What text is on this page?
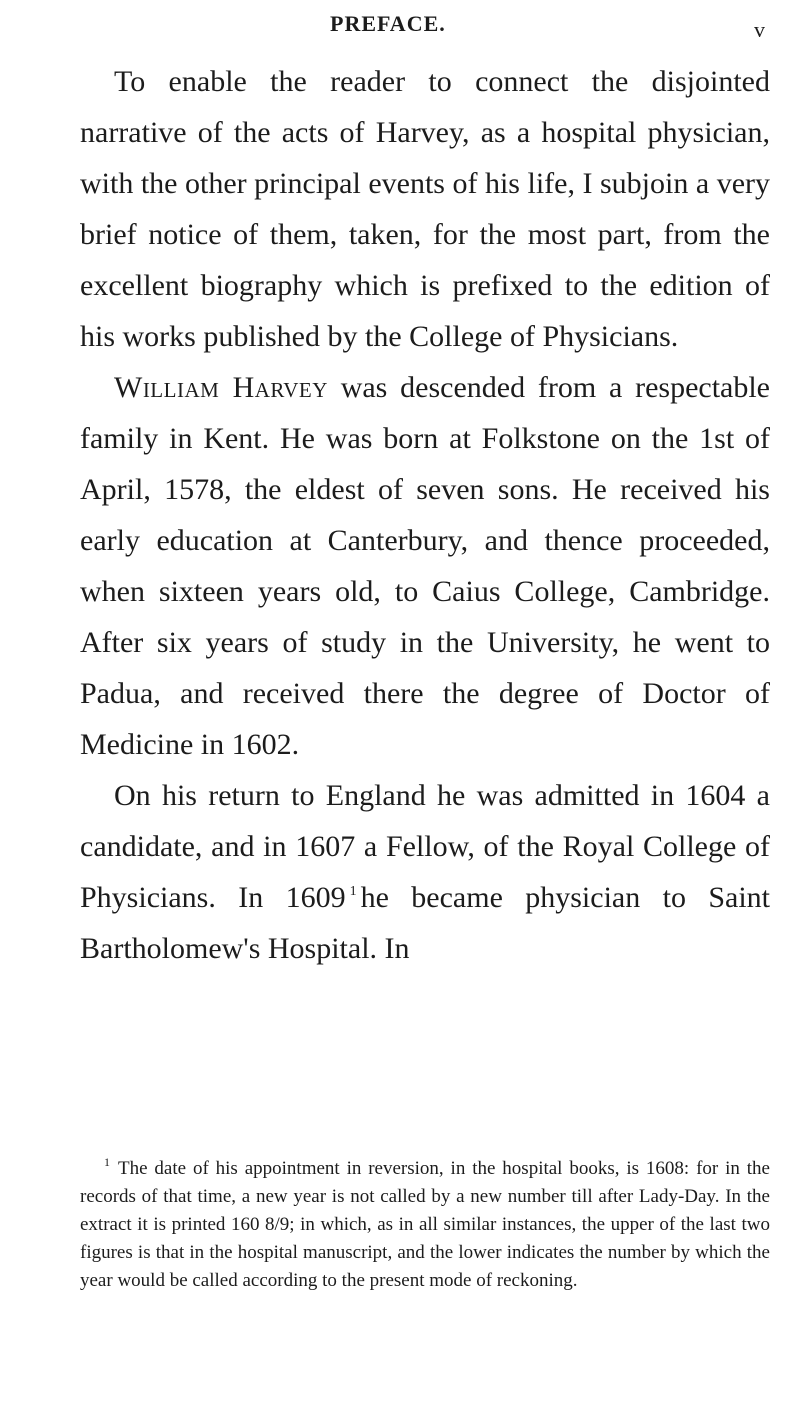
PREFACE.	v

To enable the reader to connect the disjointed narrative of the acts of Harvey, as a hospital physician, with the other principal events of his life, I subjoin a very brief notice of them, taken, for the most part, from the excellent biography which is prefixed to the edition of his works published by the College of Physicians.

William Harvey was descended from a respectable family in Kent. He was born at Folkstone on the 1st of April, 1578, the eldest of seven sons. He received his early education at Canterbury, and thence proceeded, when sixteen years old, to Caius College, Cambridge. After six years of study in the University, he went to Padua, and received there the degree of Doctor of Medicine in 1602.

On his return to England he was admitted in 1604 a candidate, and in 1607 a Fellow, of the Royal College of Physicians. In 1609 $^1$ he became physician to Saint Bartholomew's Hospital. In

$^1$ The date of his appointment in reversion, in the hospital books, is 1608: for in the records of that time, a new year is not called by a new number till after Lady-Day. In the extract it is printed 160 8/9; in which, as in all similar instances, the upper of the last two figures is that in the hospital manuscript, and the lower indicates the number by which the year would be called according to the present mode of reckoning.
